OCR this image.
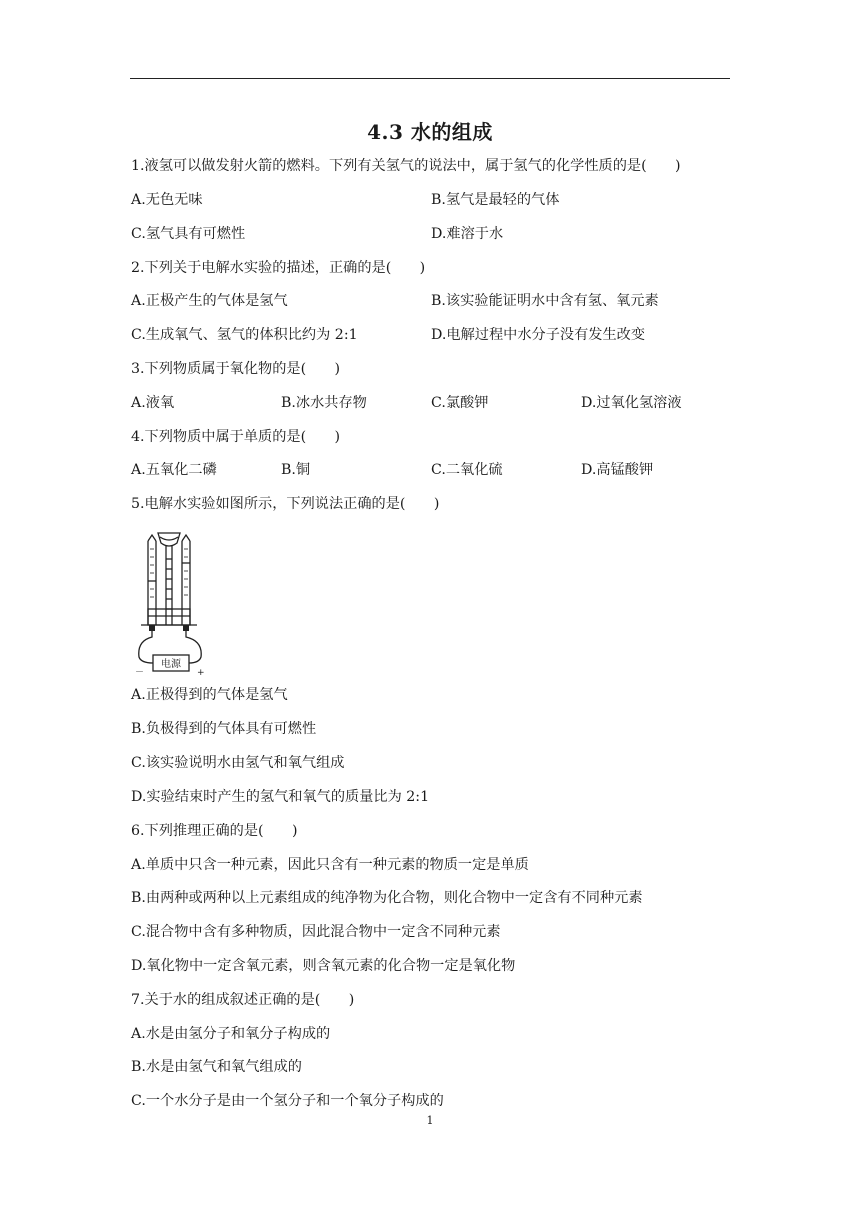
4.3 水的组成
1.液氢可以做发射火箭的燃料。下列有关氢气的说法中，属于氢气的化学性质的是(　　)
A.无色无味	B.氢气是最轻的气体
C.氢气具有可燃性	D.难溶于水
2.下列关于电解水实验的描述，正确的是(　　)
A.正极产生的气体是氢气	B.该实验能证明水中含有氢、氧元素
C.生成氧气、氢气的体积比约为 2:1	D.电解过程中水分子没有发生改变
3.下列物质属于氧化物的是(　　)
A.液氧	B.冰水共存物	C.氯酸钾	D.过氧化氢溶液
4.下列物质中属于单质的是(　　)
A.五氧化二磷	B.铜	C.二氧化硫	D.高锰酸钾
5.电解水实验如图所示，下列说法正确的是(　　)
电源
－	+
A.正极得到的气体是氢气
B.负极得到的气体具有可燃性
C.该实验说明水由氢气和氧气组成
D.实验结束时产生的氢气和氧气的质量比为 2:1
6.下列推理正确的是(　　)
A.单质中只含一种元素，因此只含有一种元素的物质一定是单质
B.由两种或两种以上元素组成的纯净物为化合物，则化合物中一定含有不同种元素
C.混合物中含有多种物质，因此混合物中一定含不同种元素
D.氧化物中一定含氧元素，则含氧元素的化合物一定是氧化物
7.关于水的组成叙述正确的是(　　)
A.水是由氢分子和氧分子构成的
B.水是由氢气和氧气组成的
C.一个水分子是由一个氢分子和一个氧分子构成的
1
